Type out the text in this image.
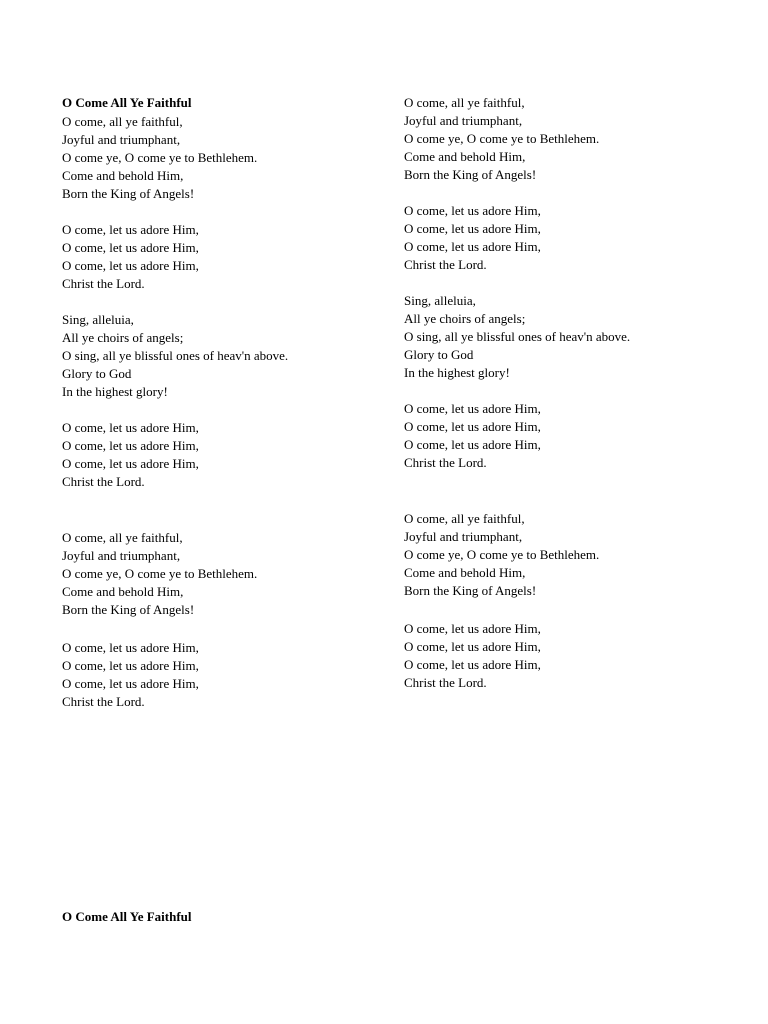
O Come All Ye Faithful
O come, all ye faithful,
Joyful and triumphant,
O come ye, O come ye to Bethlehem.
Come and behold Him,
Born the King of Angels!
O come, let us adore Him,
O come, let us adore Him,
O come, let us adore Him,
Christ the Lord.
Sing, alleluia,
All ye choirs of angels;
O sing, all ye blissful ones of heav'n above.
Glory to God
In the highest glory!
O come, let us adore Him,
O come, let us adore Him,
O come, let us adore Him,
Christ the Lord.
O come, all ye faithful,
Joyful and triumphant,
O come ye, O come ye to Bethlehem.
Come and behold Him,
Born the King of Angels!
O come, let us adore Him,
O come, let us adore Him,
O come, let us adore Him,
Christ the Lord.
O come, all ye faithful,
Joyful and triumphant,
O come ye, O come ye to Bethlehem.
Come and behold Him,
Born the King of Angels!
O come, let us adore Him,
O come, let us adore Him,
O come, let us adore Him,
Christ the Lord.
Sing, alleluia,
All ye choirs of angels;
O sing, all ye blissful ones of heav'n above.
Glory to God
In the highest glory!
O come, let us adore Him,
O come, let us adore Him,
O come, let us adore Him,
Christ the Lord.
O come, all ye faithful,
Joyful and triumphant,
O come ye, O come ye to Bethlehem.
Come and behold Him,
Born the King of Angels!
O come, let us adore Him,
O come, let us adore Him,
O come, let us adore Him,
Christ the Lord.
O Come All Ye Faithful
